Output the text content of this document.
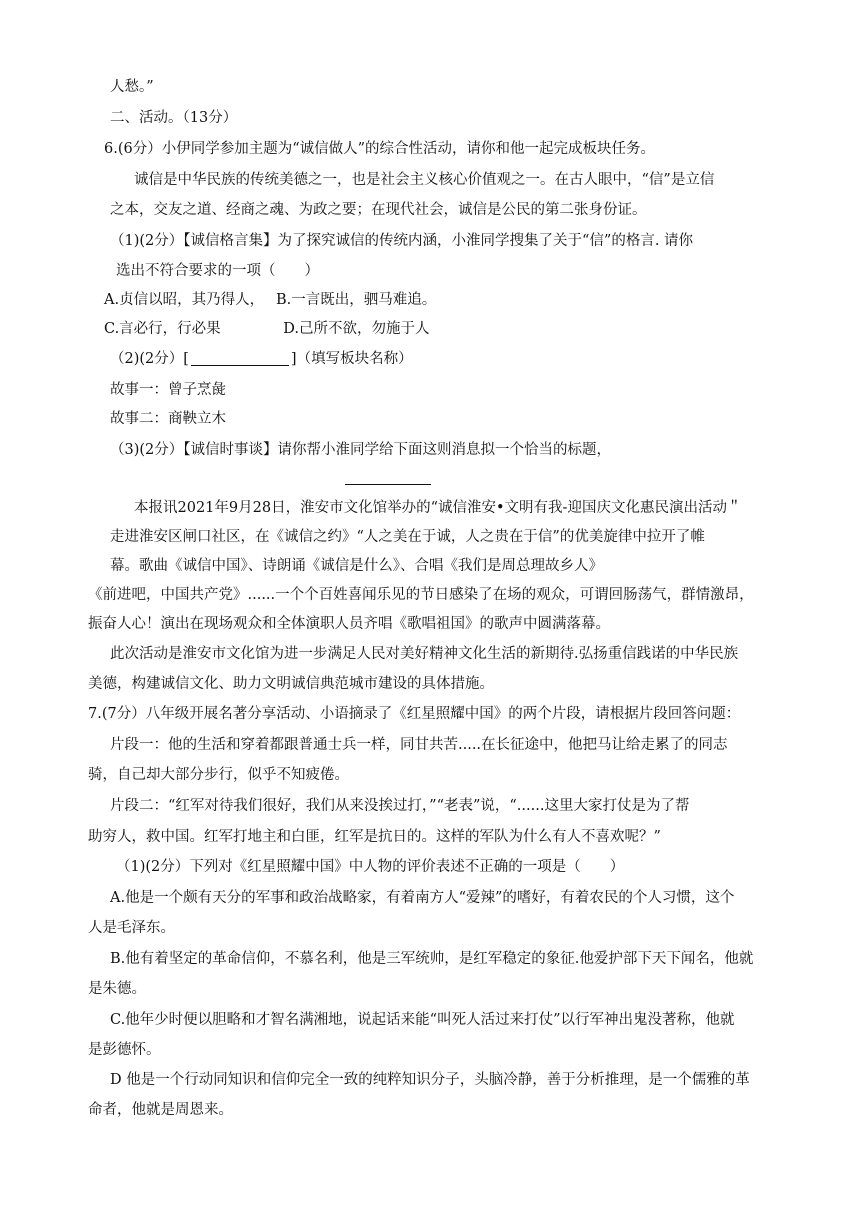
人愁。”
二、活动。（13分）
6.(6分）小伊同学参加主题为“诚信做人”的综合性活动，请你和他一起完成板块任务。
诚信是中华民族的传统美德之一，也是社会主义核心价值观之一。在古人眼中，“信”是立信
之本，交友之道、经商之魂、为政之要；在现代社会，诚信是公民的第二张身份证。
（1)(2分）【诚信格言集】为了探究诚信的传统内涵，小淮同学搜集了关于“信”的格言. 请你
选出不符合要求的一项（　　）
A.贞信以昭，其乃得人，　 B.一言既出，驷马难追。
C.言必行，行必果　　　　 D.己所不欲，勿施于人
（2)(2分）[	]（填写板块名称）
故事一：曾子烹彘
故事二：商鞅立木
（3)(2分）【诚信时事谈】请你帮小淮同学给下面这则消息拟一个恰当的标题，
本报讯2021年9月28日，淮安市文化馆举办的“诚信淮安•文明有我-迎国庆文化惠民演出活动＂
走进淮安区闸口社区，在《诚信之约》“人之美在于诚，人之贵在于信”的优美旋律中拉开了帷
幕。歌曲《诚信中国》、诗朗诵《诚信是什么》、合唱《我们是周总理故乡人》
《前进吧，中国共产党》......一个个百姓喜闻乐见的节日感染了在场的观众，可谓回肠荡气，群情激昂，
振奋人心！演出在现场观众和全体演职人员齐唱《歌唱祖国》的歌声中圆满落幕。
此次活动是淮安市文化馆为进一步满足人民对美好精神文化生活的新期待.弘扬重信践诺的中华民族
美德，构建诚信文化、助力文明诚信典范城市建设的具体措施。
7.(7分）八年级开展名著分享活动、小语摘录了《红星照耀中国》的两个片段，请根据片段回答问题：
片段一：他的生活和穿着都跟普通士兵一样，同甘共苦.....在长征途中，他把马让给走累了的同志
骑，自己却大部分步行，似乎不知疲倦。
片段二：“红军对待我们很好，我们从来没挨过打，”“老表”说，“......这里大家打仗是为了帮
助穷人，救中国。红军打地主和白匪，红军是抗日的。这样的军队为什么有人不喜欢呢？”
（1)(2分）下列对《红星照耀中国》中人物的评价表述不正确的一项是（　　）
A.他是一个颇有天分的军事和政治战略家，有着南方人“爱辣”的嗜好，有着农民的个人习惯，这个
人是毛泽东。
B.他有着坚定的革命信仰，不慕名利，他是三军统帅，是红军稳定的象征.他爱护部下天下闻名，他就
是朱德。
C.他年少时便以胆略和才智名满湘地，说起话来能“叫死人活过来打仗”以行军神出鬼没著称，他就
是彭德怀。
D 他是一个行动同知识和信仰完全一致的纯粹知识分子，头脑冷静，善于分析推理，是一个儒雅的革
命者，他就是周恩来。
